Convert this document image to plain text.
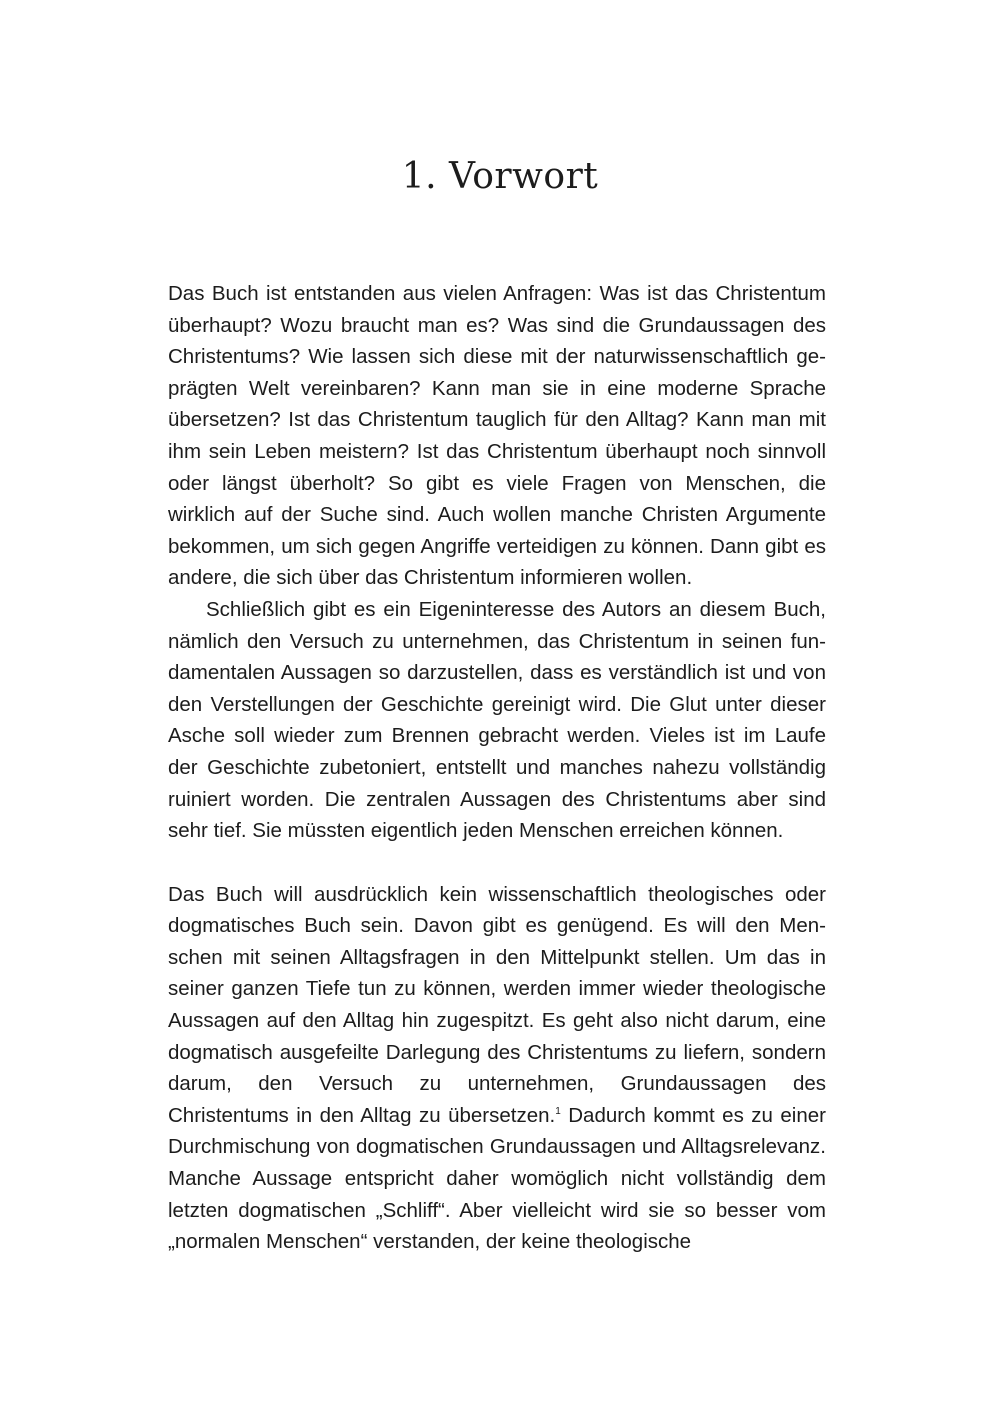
1. Vorwort

Das Buch ist entstanden aus vielen Anfragen: Was ist das Christentum überhaupt? Wozu braucht man es? Was sind die Grundaussagen des Christentums? Wie lassen sich diese mit der naturwissenschaftlich geprägten Welt vereinbaren? Kann man sie in eine moderne Sprache übersetzen? Ist das Christentum tauglich für den Alltag? Kann man mit ihm sein Leben meistern? Ist das Christentum überhaupt noch sinnvoll oder längst überholt? So gibt es viele Fragen von Menschen, die wirklich auf der Suche sind. Auch wollen manche Christen Argumente bekommen, um sich gegen Angriffe verteidigen zu können. Dann gibt es andere, die sich über das Christentum informieren wollen.

Schließlich gibt es ein Eigeninteresse des Autors an diesem Buch, nämlich den Versuch zu unternehmen, das Christentum in seinen fundamentalen Aussagen so darzustellen, dass es verständlich ist und von den Verstellungen der Geschichte gereinigt wird. Die Glut unter dieser Asche soll wieder zum Brennen gebracht werden. Vieles ist im Laufe der Geschichte zubetoniert, entstellt und manches nahezu vollständig ruiniert worden. Die zentralen Aussagen des Christentums aber sind sehr tief. Sie müssten eigentlich jeden Menschen erreichen können.

Das Buch will ausdrücklich kein wissenschaftlich theologisches oder dogmatisches Buch sein. Davon gibt es genügend. Es will den Menschen mit seinen Alltagsfragen in den Mittelpunkt stellen. Um das in seiner ganzen Tiefe tun zu können, werden immer wieder theologische Aussagen auf den Alltag hin zugespitzt. Es geht also nicht darum, eine dogmatisch ausgefeilte Darlegung des Christentums zu liefern, sondern darum, den Versuch zu unternehmen, Grundaussagen des Christentums in den Alltag zu übersetzen.$^1$ Dadurch kommt es zu einer Durchmischung von dogmatischen Grundaussagen und Alltagsrelevanz. Manche Aussage entspricht daher womöglich nicht vollständig dem letzten dogmatischen „Schliff“. Aber vielleicht wird sie so besser vom „normalen Menschen“ verstanden, der keine theologische
